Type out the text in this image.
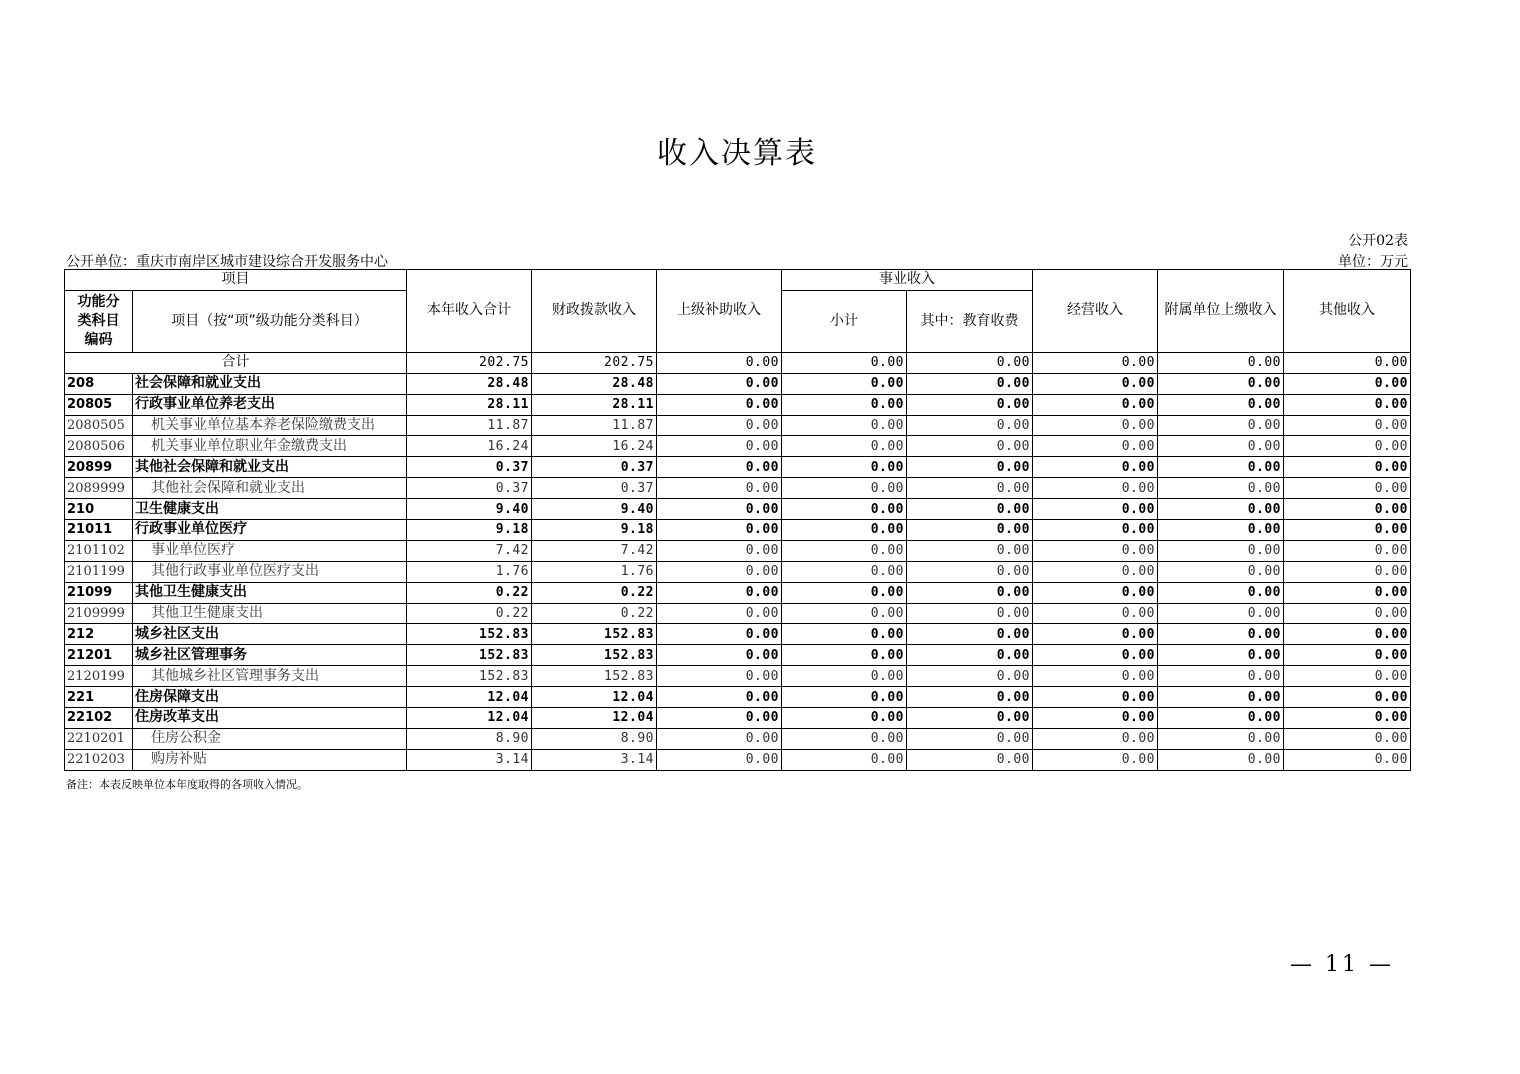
收入决算表
公开02表
公开单位：重庆市南岸区城市建设综合开发服务中心	单位：万元
项目		本年收入合计	财政拨款收入	上级补助收入	事业收入		经营收入	附属单位上缴收入	其他收入
功能分类科目编码	项目（按“项”级功能分类科目）				小计	其中：教育收费			
合计		202.75	202.75	0.00	0.00	0.00	0.00	0.00	0.00
208	社会保障和就业支出	28.48	28.48	0.00	0.00	0.00	0.00	0.00	0.00
20805	行政事业单位养老支出	28.11	28.11	0.00	0.00	0.00	0.00	0.00	0.00
2080505	机关事业单位基本养老保险缴费支出	11.87	11.87	0.00	0.00	0.00	0.00	0.00	0.00
2080506	机关事业单位职业年金缴费支出	16.24	16.24	0.00	0.00	0.00	0.00	0.00	0.00
20899	其他社会保障和就业支出	0.37	0.37	0.00	0.00	0.00	0.00	0.00	0.00
2089999	其他社会保障和就业支出	0.37	0.37	0.00	0.00	0.00	0.00	0.00	0.00
210	卫生健康支出	9.40	9.40	0.00	0.00	0.00	0.00	0.00	0.00
21011	行政事业单位医疗	9.18	9.18	0.00	0.00	0.00	0.00	0.00	0.00
2101102	事业单位医疗	7.42	7.42	0.00	0.00	0.00	0.00	0.00	0.00
2101199	其他行政事业单位医疗支出	1.76	1.76	0.00	0.00	0.00	0.00	0.00	0.00
21099	其他卫生健康支出	0.22	0.22	0.00	0.00	0.00	0.00	0.00	0.00
2109999	其他卫生健康支出	0.22	0.22	0.00	0.00	0.00	0.00	0.00	0.00
212	城乡社区支出	152.83	152.83	0.00	0.00	0.00	0.00	0.00	0.00
21201	城乡社区管理事务	152.83	152.83	0.00	0.00	0.00	0.00	0.00	0.00
2120199	其他城乡社区管理事务支出	152.83	152.83	0.00	0.00	0.00	0.00	0.00	0.00
221	住房保障支出	12.04	12.04	0.00	0.00	0.00	0.00	0.00	0.00
22102	住房改革支出	12.04	12.04	0.00	0.00	0.00	0.00	0.00	0.00
2210201	住房公积金	8.90	8.90	0.00	0.00	0.00	0.00	0.00	0.00
2210203	购房补贴	3.14	3.14	0.00	0.00	0.00	0.00	0.00	0.00
备注：本表反映单位本年度取得的各项收入情况。
— 11 —
